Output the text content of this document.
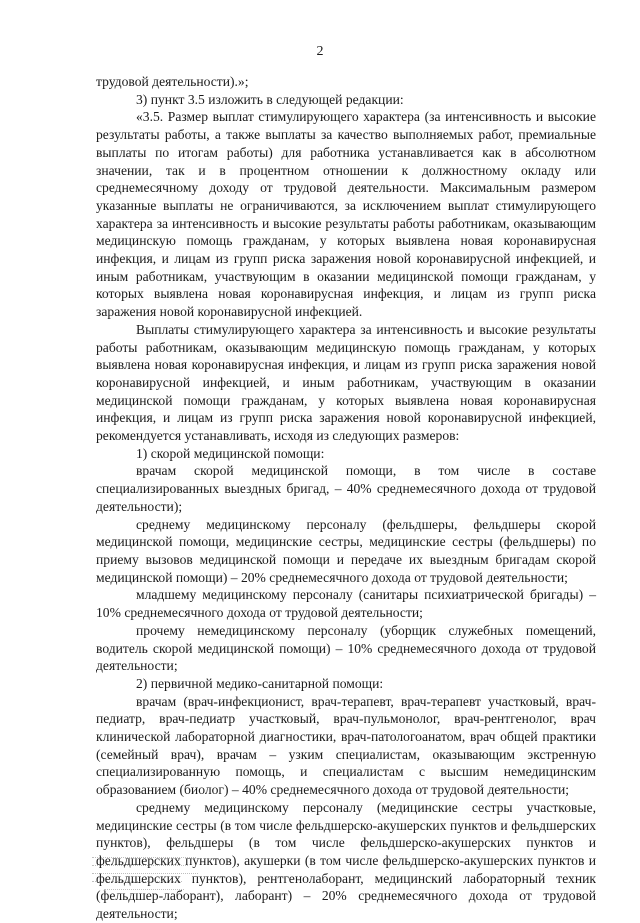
2

трудовой деятельности).»;

3) пункт 3.5 изложить в следующей редакции:

«3.5. Размер выплат стимулирующего характера (за интенсивность и высокие результаты работы, а также выплаты за качество выполняемых работ, премиальные выплаты по итогам работы) для работника устанавливается как в абсолютном значении, так и в процентном отношении к должностному окладу или среднемесячному доходу от трудовой деятельности. Максимальным размером указанные выплаты не ограничиваются, за исключением выплат стимулирующего характера за интенсивность и высокие результаты работы работникам, оказывающим медицинскую помощь гражданам, у которых выявлена новая коронавирусная инфекция, и лицам из групп риска заражения новой коронавирусной инфекцией, и иным работникам, участвующим в оказании медицинской помощи гражданам, у которых выявлена новая коронавирусная инфекция, и лицам из групп риска заражения новой коронавирусной инфекцией.

Выплаты стимулирующего характера за интенсивность и высокие результаты работы работникам, оказывающим медицинскую помощь гражданам, у которых выявлена новая коронавирусная инфекция, и лицам из групп риска заражения новой коронавирусной инфекцией, и иным работникам, участвующим в оказании медицинской помощи гражданам, у которых выявлена новая коронавирусная инфекция, и лицам из групп риска заражения новой коронавирусной инфекцией, рекомендуется устанавливать, исходя из следующих размеров:

1) скорой медицинской помощи:

врачам скорой медицинской помощи, в том числе в составе специализированных выездных бригад, – 40% среднемесячного дохода от трудовой деятельности);

среднему медицинскому персоналу (фельдшеры, фельдшеры скорой медицинской помощи, медицинские сестры, медицинские сестры (фельдшеры) по приему вызовов медицинской помощи и передаче их выездным бригадам скорой медицинской помощи) – 20% среднемесячного дохода от трудовой деятельности;

младшему медицинскому персоналу (санитары психиатрической бригады) – 10% среднемесячного дохода от трудовой деятельности;

прочему немедицинскому персоналу (уборщик служебных помещений, водитель скорой медицинской помощи) – 10% среднемесячного дохода от трудовой деятельности;

2) первичной медико-санитарной помощи:

врачам (врач-инфекционист, врач-терапевт, врач-терапевт участковый, врач-педиатр, врач-педиатр участковый, врач-пульмонолог, врач-рентгенолог, врач клинической лабораторной диагностики, врач-патологоанатом, врач общей практики (семейный врач), врачам – узким специалистам, оказывающим экстренную специализированную помощь, и специалистам с высшим немедицинским образованием (биолог) – 40% среднемесячного дохода от трудовой деятельности;

среднему медицинскому персоналу (медицинские сестры участковые, медицинские сестры (в том числе фельдшерско-акушерских пунктов и фельдшерских пунктов), фельдшеры (в том числе фельдшерско-акушерских пунктов и фельдшерских пунктов), акушерки (в том числе фельдшерско-акушерских пунктов и фельдшерских пунктов), рентгенолаборант, медицинский лабораторный техник (фельдшер-лаборант), лаборант) – 20% среднемесячного дохода от трудовой деятельности;
